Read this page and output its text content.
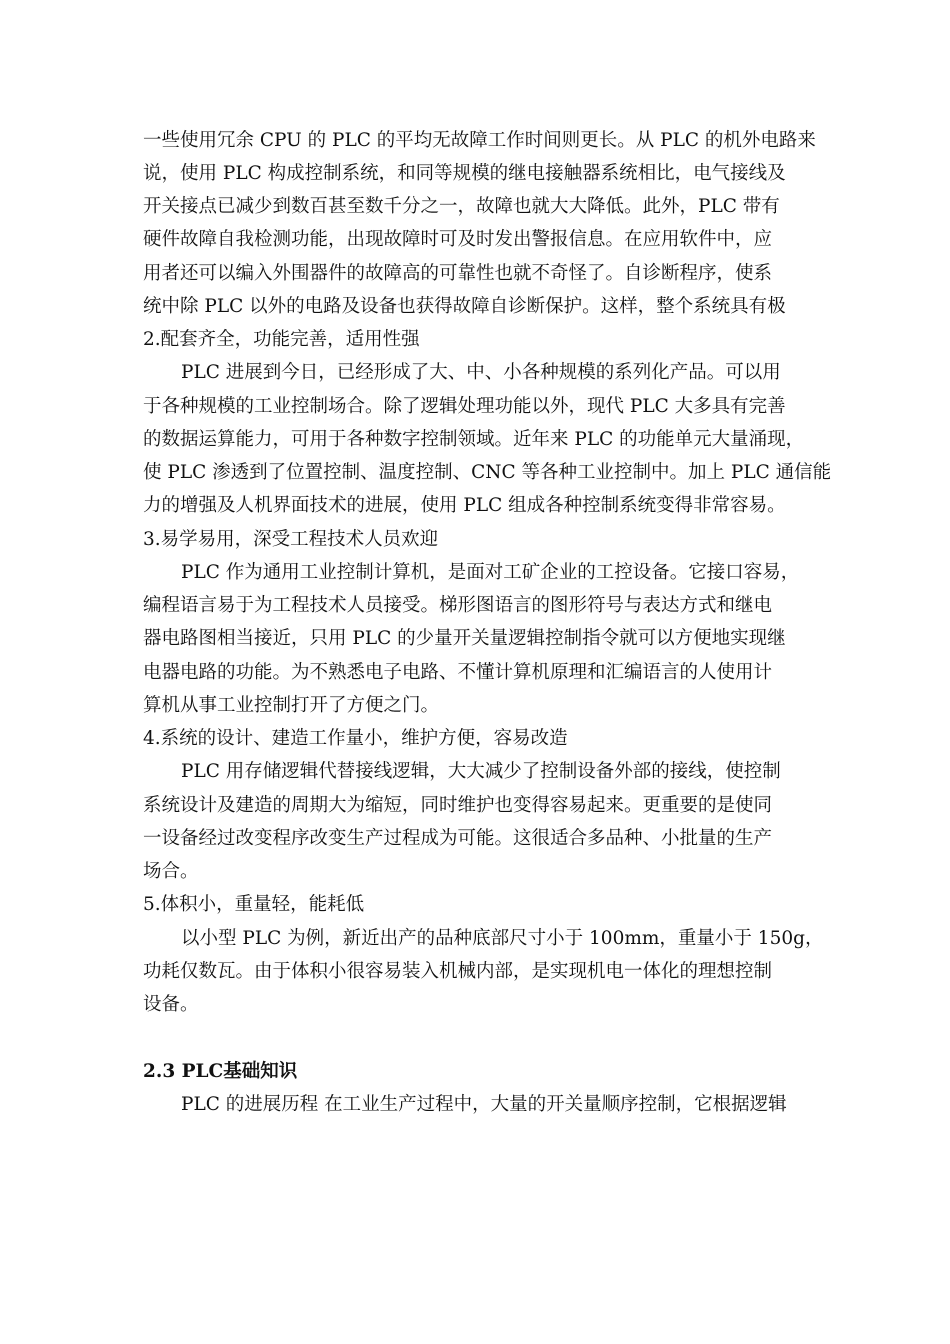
一些使用冗余 CPU 的 PLC 的平均无故障工作时间则更长。从 PLC 的机外电路来
说，使用 PLC 构成控制系统，和同等规模的继电接触器系统相比，电气接线及
开关接点已减少到数百甚至数千分之一，故障也就大大降低。此外，PLC 带有
硬件故障自我检测功能，出现故障时可及时发出警报信息。在应用软件中，应
用者还可以编入外围器件的故障高的可靠性也就不奇怪了。自诊断程序，使系
统中除 PLC 以外的电路及设备也获得故障自诊断保护。这样，整个系统具有极
2.配套齐全，功能完善，适用性强
PLC 进展到今日，已经形成了大、中、小各种规模的系列化产品。可以用
于各种规模的工业控制场合。除了逻辑处理功能以外，现代 PLC 大多具有完善
的数据运算能力，可用于各种数字控制领域。近年来 PLC 的功能单元大量涌现，
使 PLC 渗透到了位置控制、温度控制、CNC 等各种工业控制中。加上 PLC 通信能
力的增强及人机界面技术的进展，使用 PLC 组成各种控制系统变得非常容易。
3.易学易用，深受工程技术人员欢迎
PLC 作为通用工业控制计算机，是面对工矿企业的工控设备。它接口容易，
编程语言易于为工程技术人员接受。梯形图语言的图形符号与表达方式和继电
器电路图相当接近，只用 PLC 的少量开关量逻辑控制指令就可以方便地实现继
电器电路的功能。为不熟悉电子电路、不懂计算机原理和汇编语言的人使用计
算机从事工业控制打开了方便之门。
4.系统的设计、建造工作量小，维护方便，容易改造
PLC 用存储逻辑代替接线逻辑，大大减少了控制设备外部的接线，使控制
系统设计及建造的周期大为缩短，同时维护也变得容易起来。更重要的是使同
一设备经过改变程序改变生产过程成为可能。这很适合多品种、小批量的生产
场合。
5.体积小，重量轻，能耗低
以小型 PLC 为例，新近出产的品种底部尺寸小于 100mm，重量小于 150g，
功耗仅数瓦。由于体积小很容易装入机械内部，是实现机电一体化的理想控制
设备。
2.3 PLC基础知识
PLC 的进展历程 在工业生产过程中，大量的开关量顺序控制，它根据逻辑
